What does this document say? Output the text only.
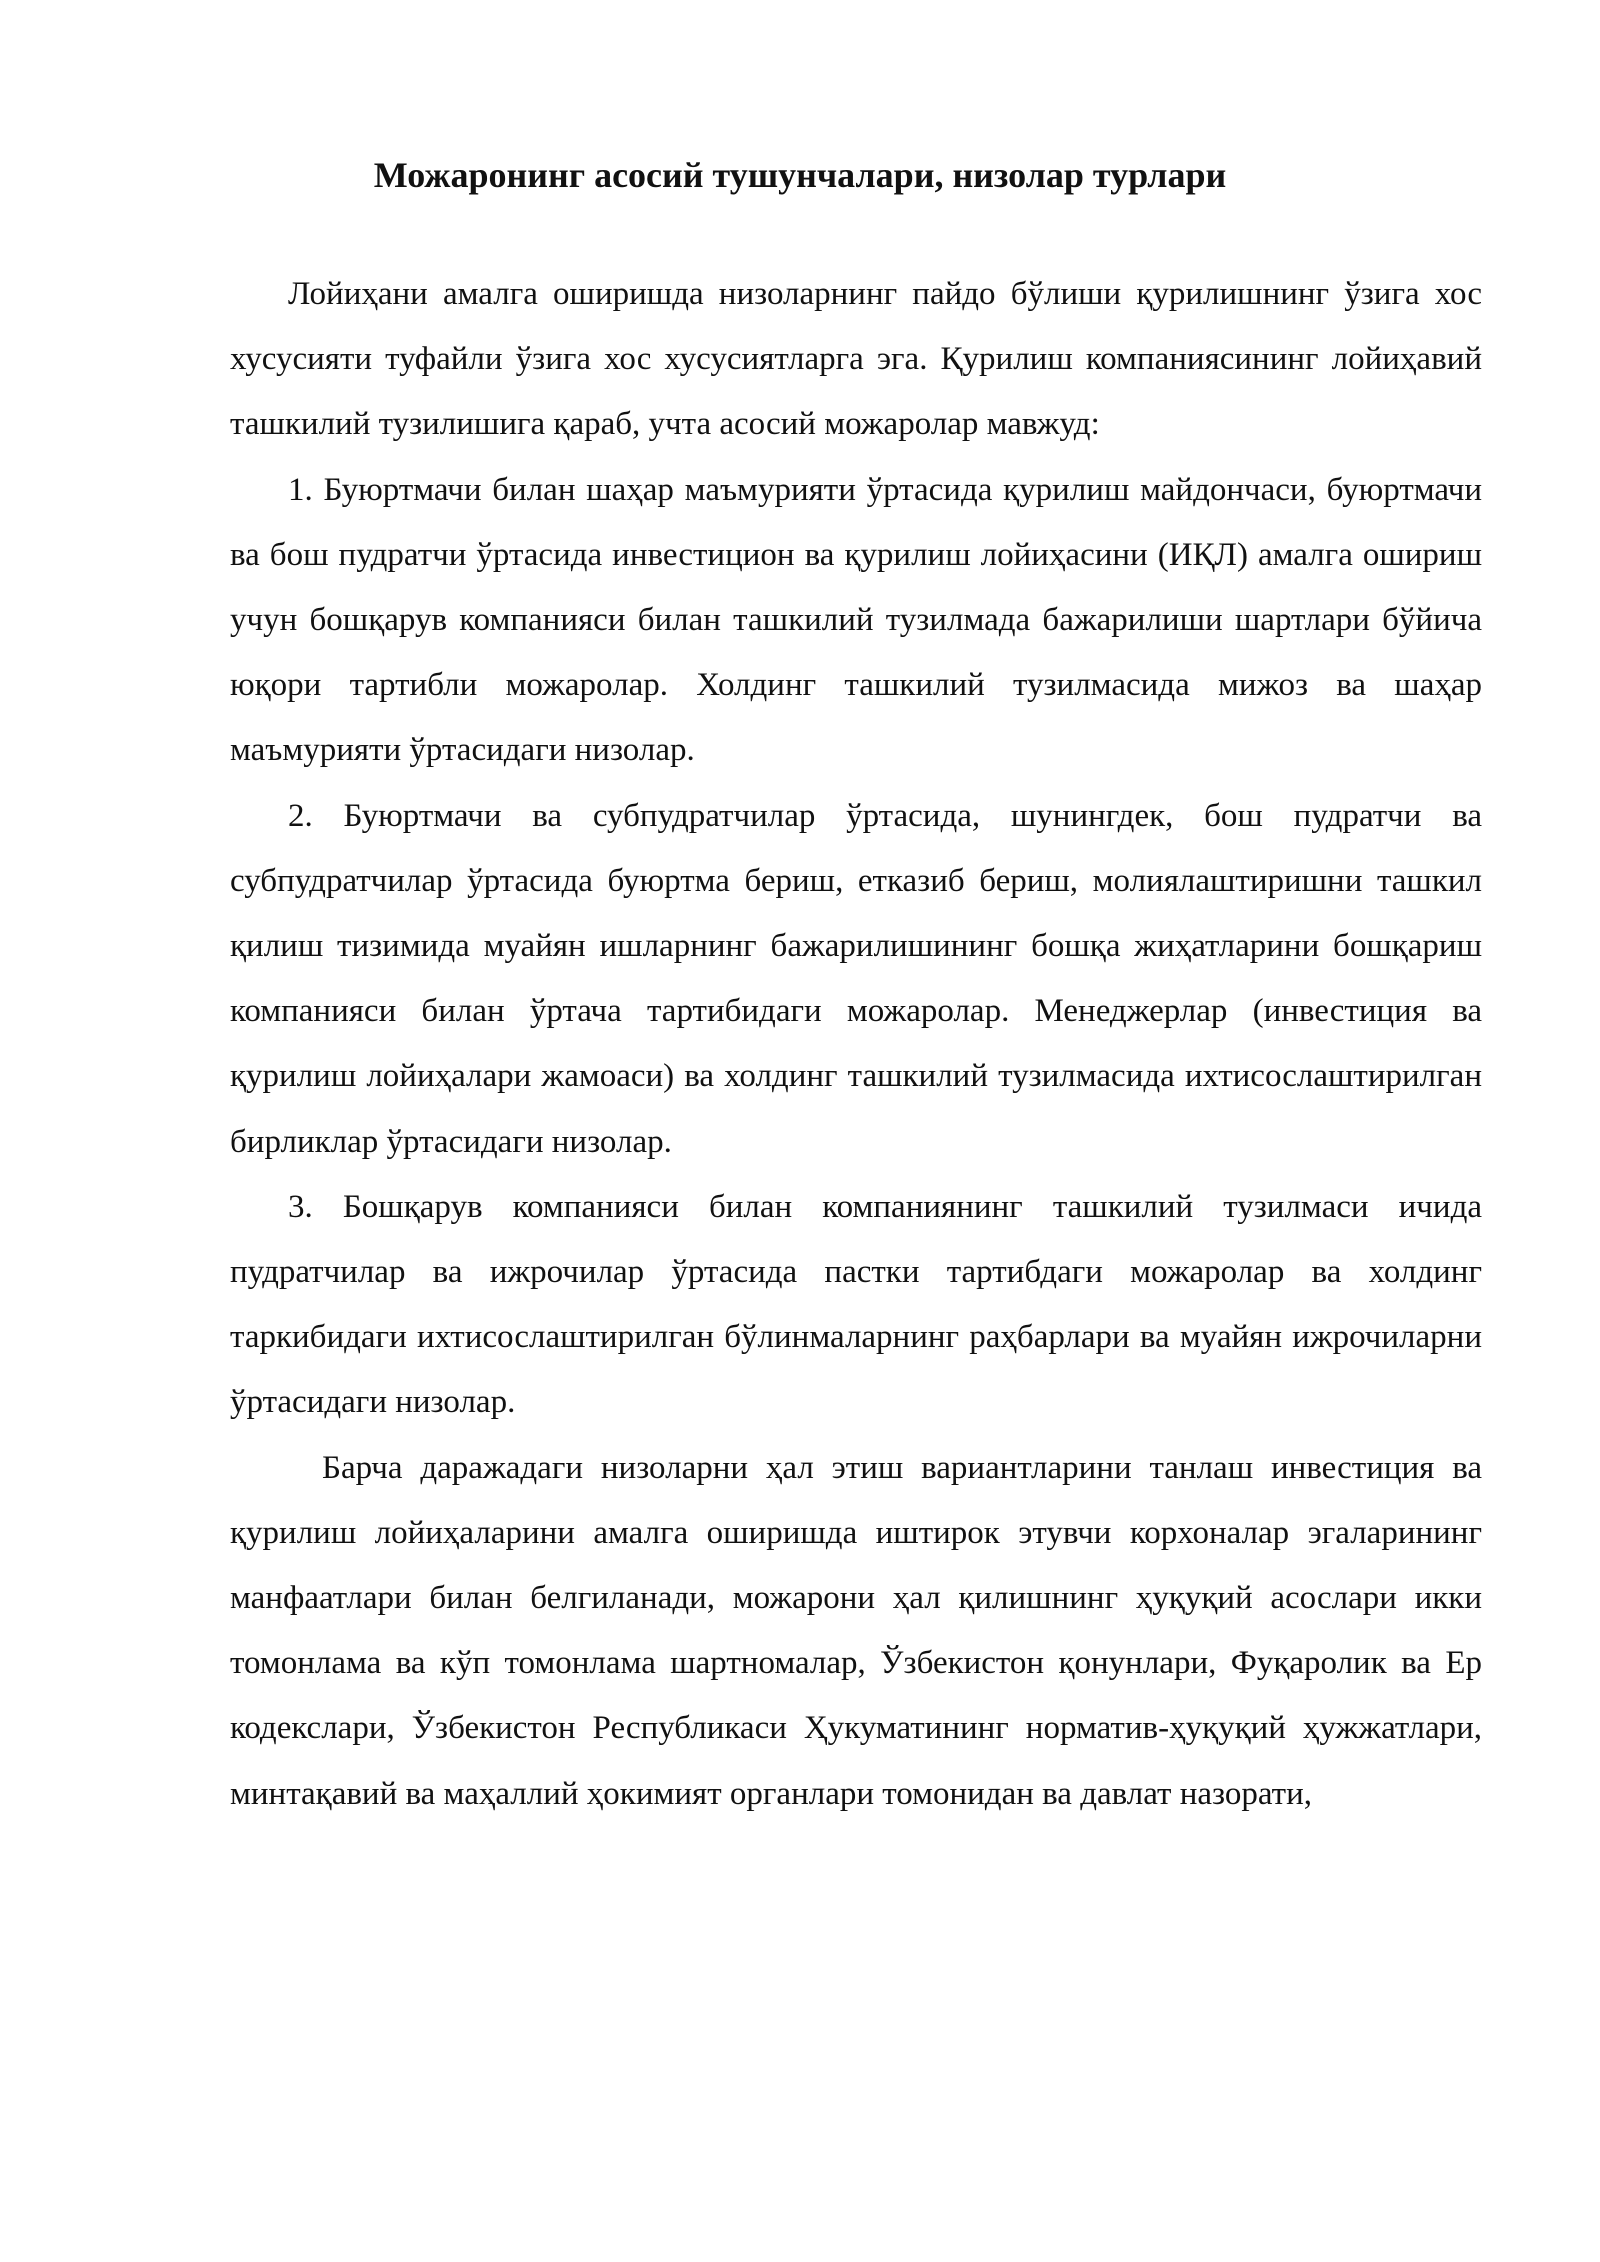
Можаронинг асосий тушунчалари, низолар турлари

Лойиҳани амалга оширишда низоларнинг пайдо бўлиши қурилишнинг ўзига хос хусусияти туфайли ўзига хос хусусиятларга эга. Қурилиш компаниясининг лойиҳавий ташкилий тузилишига қараб, учта асосий можаролар мавжуд:

1. Буюртмачи билан шаҳар маъмурияти ўртасида қурилиш майдончаси, буюртмачи ва бош пудратчи ўртасида инвестицион ва қурилиш лойиҳасини (ИҚЛ) амалга ошириш учун бошқарув компанияси билан ташкилий тузилмада бажарилиши шартлари бўйича юқори тартибли можаролар. Холдинг ташкилий тузилмасида мижоз ва шаҳар маъмурияти ўртасидаги низолар.

2. Буюртмачи ва субпудратчилар ўртасида, шунингдек, бош пудратчи ва субпудратчилар ўртасида буюртма бериш, етказиб бериш, молиялаштиришни ташкил қилиш тизимида муайян ишларнинг бажарилишининг бошқа жиҳатларини бошқариш компанияси билан ўртача тартибидаги можаролар. Менеджерлар (инвестиция ва қурилиш лойиҳалари жамоаси) ва холдинг ташкилий тузилмасида ихтисослаштирилган бирликлар ўртасидаги низолар.

3. Бошқарув компанияси билан компаниянинг ташкилий тузилмаси ичида пудратчилар ва ижрочилар ўртасида пастки тартибдаги можаролар ва холдинг таркибидаги ихтисослаштирилган бўлинмаларнинг раҳбарлари ва муайян ижрочиларни ўртасидаги низолар.

Барча даражадаги низоларни ҳал этиш вариантларини танлаш инвестиция ва қурилиш лойиҳаларини амалга оширишда иштирок этувчи корхоналар эгаларининг манфаатлари билан белгиланади, можарони ҳал қилишнинг ҳуқуқий асослари икки томонлама ва кўп томонлама шартномалар, Ўзбекистон қонунлари, Фуқаролик ва Ер кодекслари, Ўзбекистон Республикаси Ҳукуматининг норматив-ҳуқуқий ҳужжатлари, минтақавий ва маҳаллий ҳокимият органлари томонидан ва давлат назорати,
